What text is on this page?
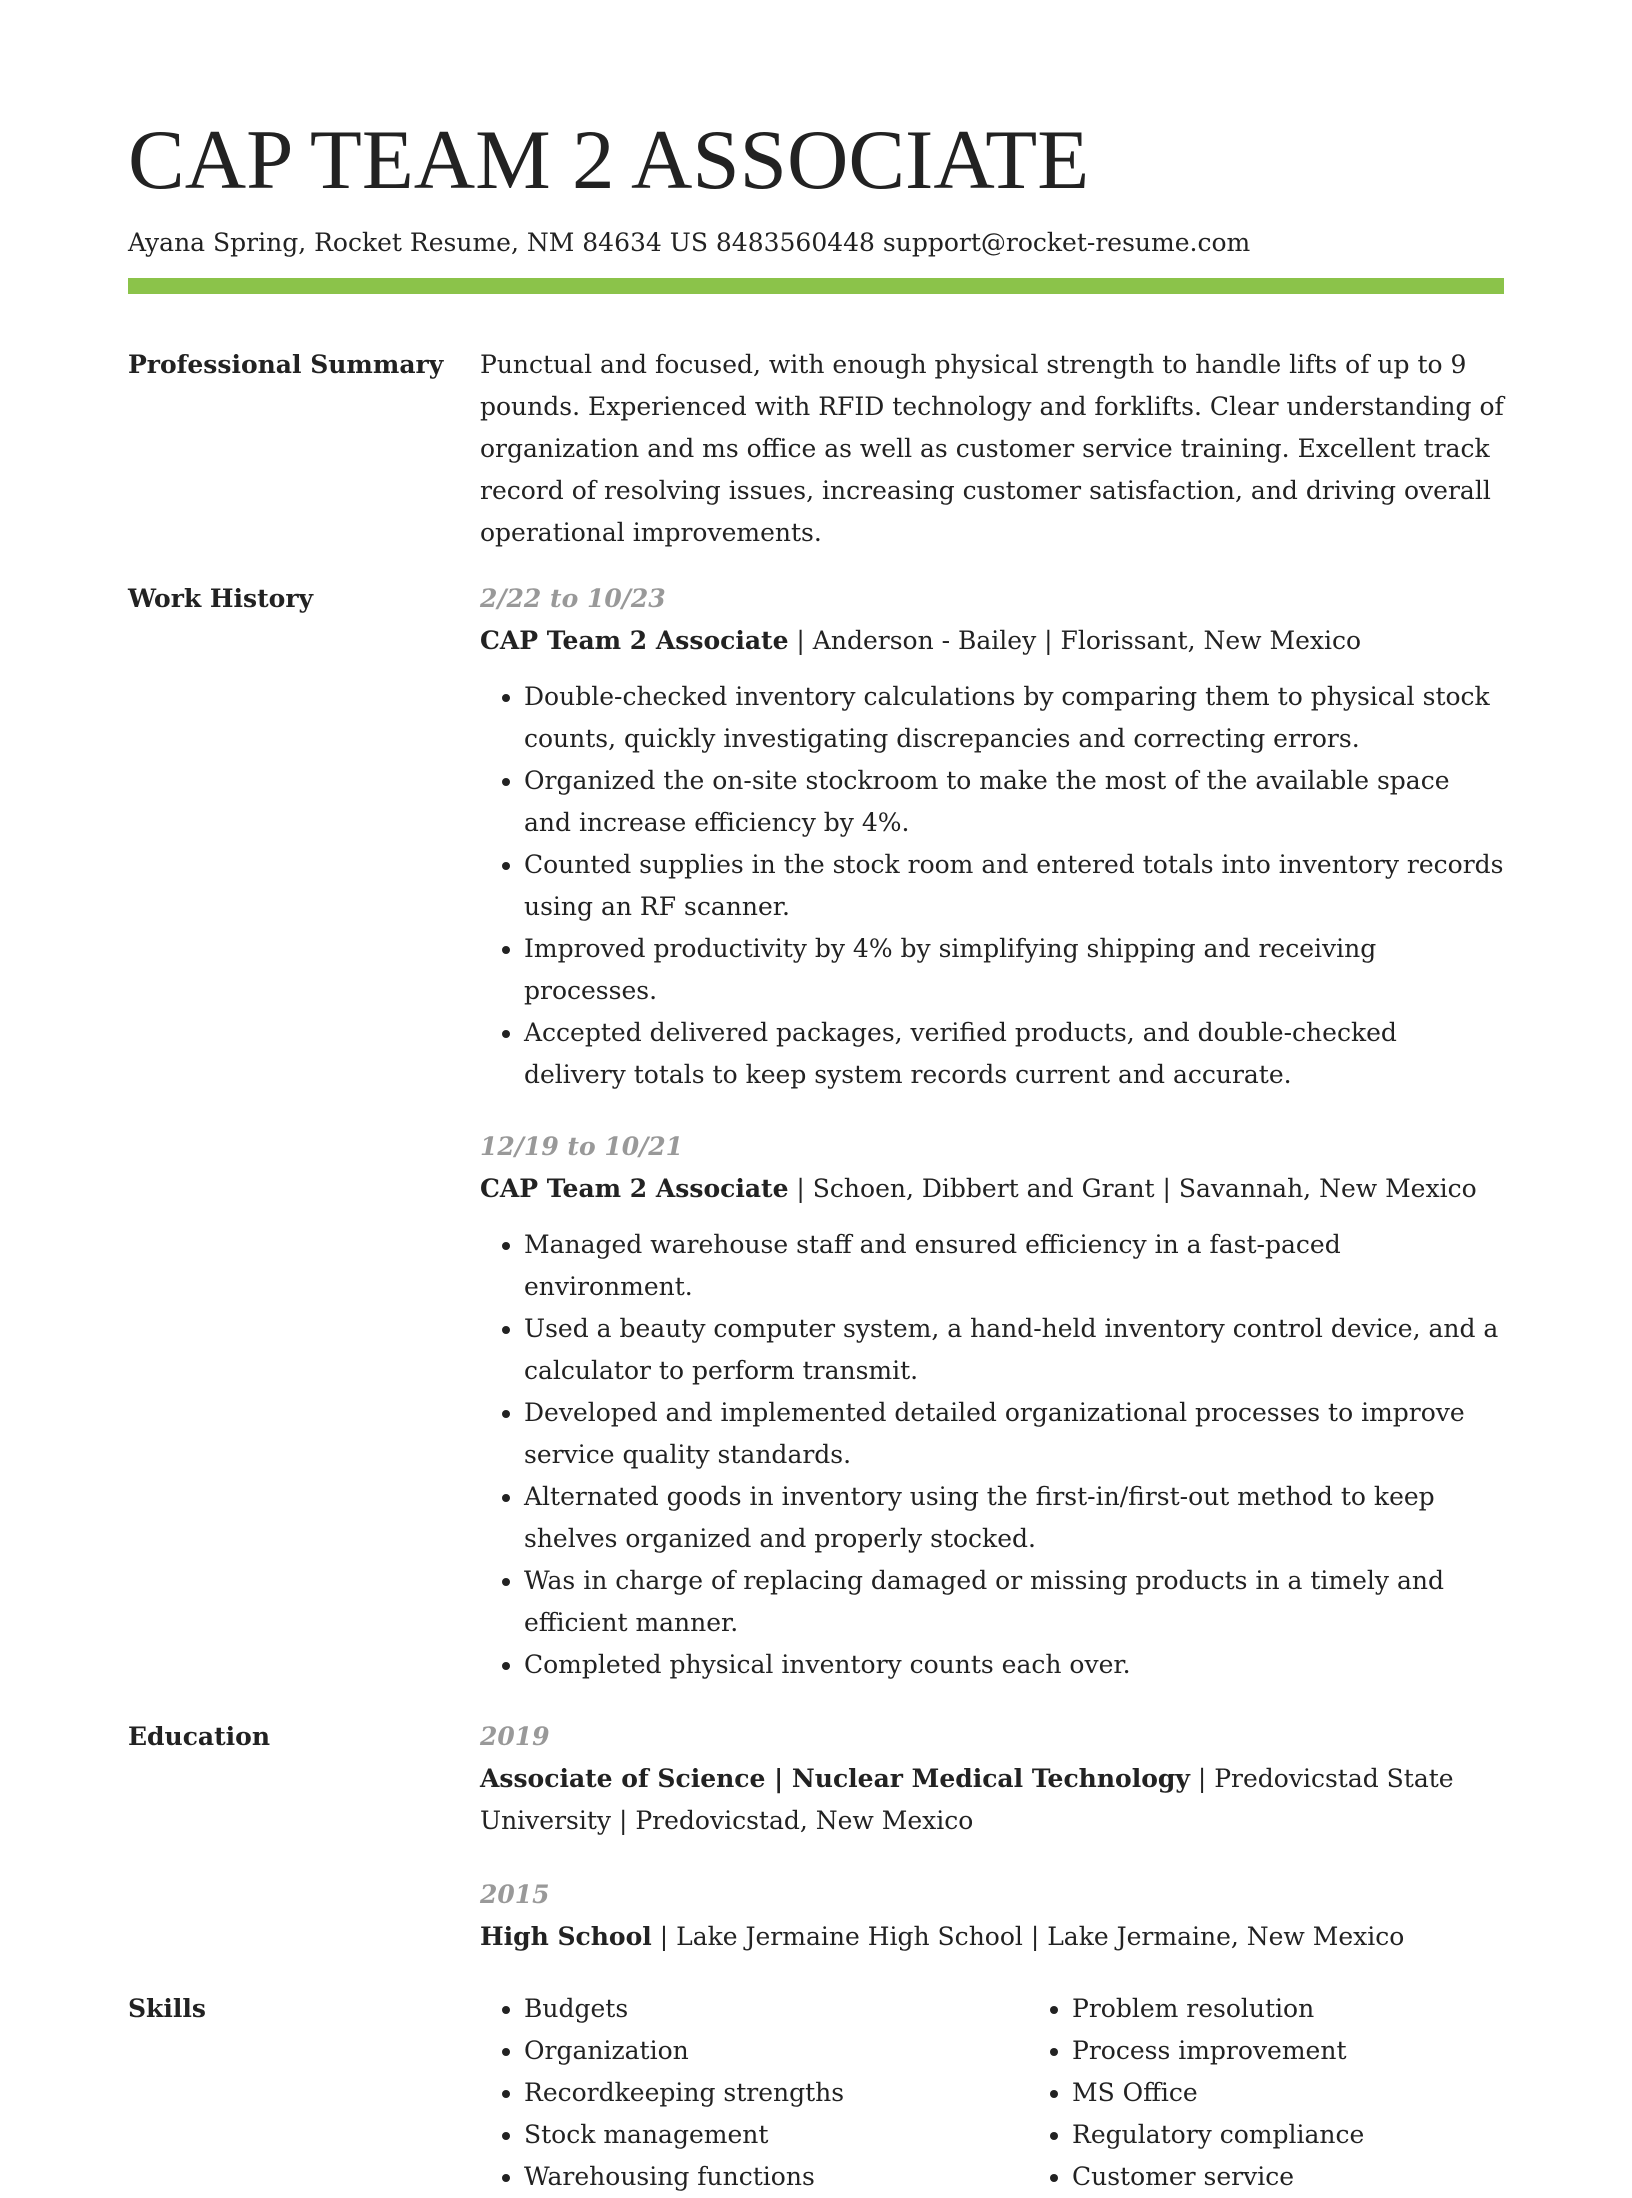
CAP TEAM 2 ASSOCIATE
Ayana Spring, Rocket Resume, NM 84634 US 8483560448 support@rocket-resume.com
Professional Summary	Punctual and focused, with enough physical strength to handle lifts of up to 9 pounds. Experienced with RFID technology and forklifts. Clear understanding of organization and ms office as well as customer service training. Excellent track record of resolving issues, increasing customer satisfaction, and driving overall operational improvements.
Work History	2/22 to 10/23
CAP Team 2 Associate | Anderson - Bailey | Florissant, New Mexico
• Double-checked inventory calculations by comparing them to physical stock counts, quickly investigating discrepancies and correcting errors.
• Organized the on-site stockroom to make the most of the available space and increase efficiency by 4%.
• Counted supplies in the stock room and entered totals into inventory records using an RF scanner.
• Improved productivity by 4% by simplifying shipping and receiving processes.
• Accepted delivered packages, verified products, and double-checked delivery totals to keep system records current and accurate.
12/19 to 10/21
CAP Team 2 Associate | Schoen, Dibbert and Grant | Savannah, New Mexico
• Managed warehouse staff and ensured efficiency in a fast-paced environment.
• Used a beauty computer system, a hand-held inventory control device, and a calculator to perform transmit.
• Developed and implemented detailed organizational processes to improve service quality standards.
• Alternated goods in inventory using the first-in/first-out method to keep shelves organized and properly stocked.
• Was in charge of replacing damaged or missing products in a timely and efficient manner.
• Completed physical inventory counts each over.
Education	2019
Associate of Science | Nuclear Medical Technology | Predovicstad State University | Predovicstad, New Mexico
2015
High School | Lake Jermaine High School | Lake Jermaine, New Mexico
Skills
•	Budgets
• Organization
• Recordkeeping strengths
• Stock management
• Warehousing functions
• Problem resolution
• Process improvement
• MS Office
• Regulatory compliance
• Customer service
